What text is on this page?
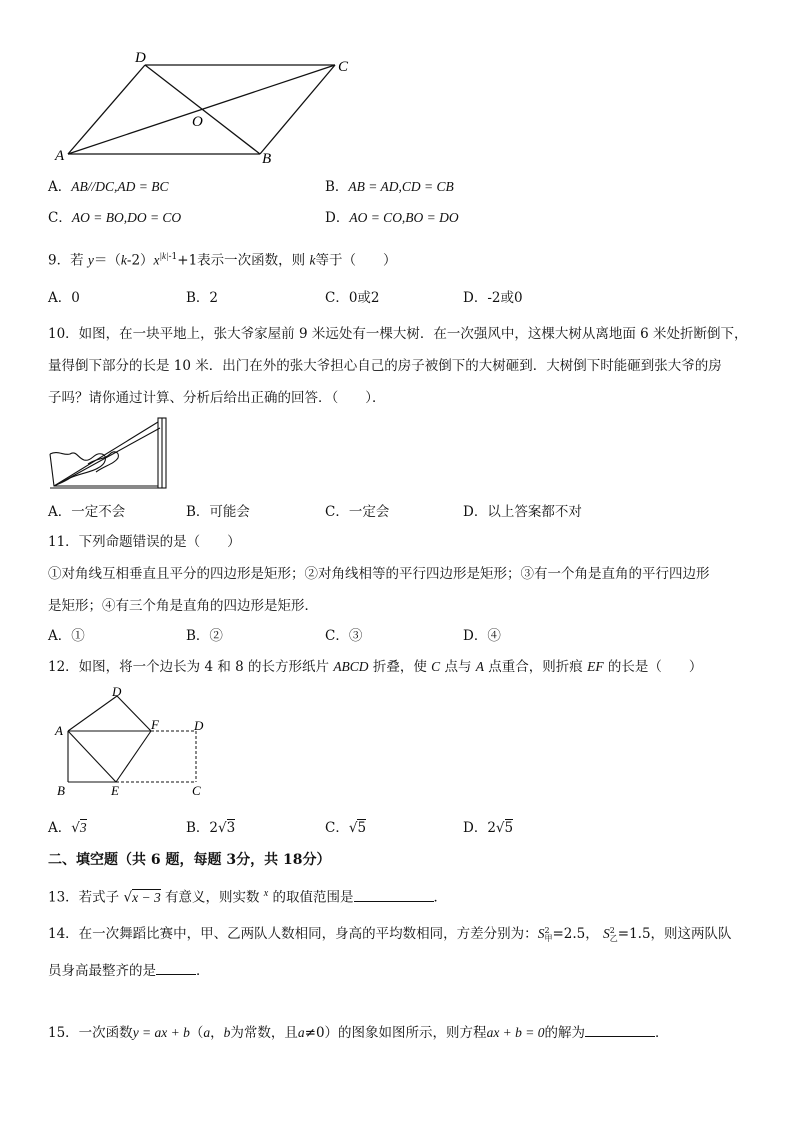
D
C
O
A	B
A．AB//DC,AD = BC	B．AB = AD,CD = CB
C．AO = BO,DO = CO	D．AO = CO,BO = DO
9．若 $y=(k-2)x^{|k|-1}+1$表示一次函数，则 k等于（　　）
A．0	B．2	C．0或2	D．-2或0
10．如图，在一块平地上，张大爷家屋前 9 米远处有一棵大树．在一次强风中，这棵大树从离地面 6 米处折断倒下，
量得倒下部分的长是 10 米．出门在外的张大爷担心自己的房子被倒下的大树砸到．大树倒下时能砸到张大爷的房
子吗？请你通过计算、分析后给出正确的回答．（　　）．
A．一定不会	B．可能会	C．一定会	D．以上答案都不对
11．下列命题错误的是（　　）
①对角线互相垂直且平分的四边形是矩形；②对角线相等的平行四边形是矩形；③有一个角是直角的平行四边形
是矩形；④有三个角是直角的四边形是矩形．
A．①	B．②	C．③	D．④
12．如图，将一个边长为 4 和 8 的长方形纸片 ABCD 折叠，使 C 点与 A 点重合，则折痕 EF 的长是（　　）
D
A	F	D
B	E	C
A．√3	B．2√3	C．√5	D．2√5
二、填空题（共 6 题，每题 3分，共 18分）
13．若式子 √x − 3 有意义，则实数 $^x$ 的取值范围是	．
14．在一次舞蹈比赛中，甲、乙两队人数相同，身高的平均数相同，方差分别为：S 2
甲 =2.5， S 2
乙 =1.5，则这两队队
员身高最整齐的是	．
15．一次函数y = ax + b（a，b为常数，且a≠0）的图象如图所示，则方程ax + b = 0的解为	．
